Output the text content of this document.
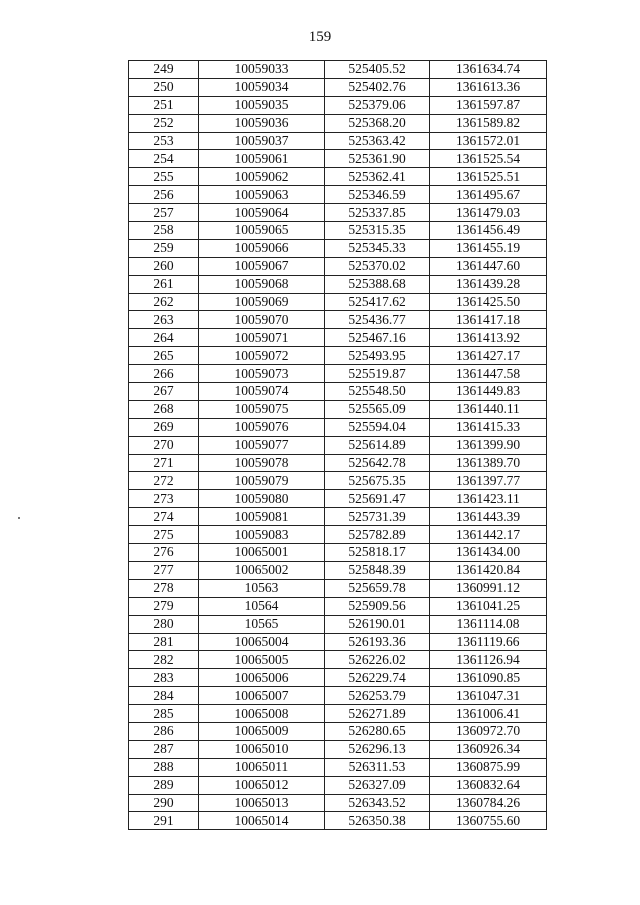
159
249	10059033	525405.52	1361634.74
250	10059034	525402.76	1361613.36
251	10059035	525379.06	1361597.87
252	10059036	525368.20	1361589.82
253	10059037	525363.42	1361572.01
254	10059061	525361.90	1361525.54
255	10059062	525362.41	1361525.51
256	10059063	525346.59	1361495.67
257	10059064	525337.85	1361479.03
258	10059065	525315.35	1361456.49
259	10059066	525345.33	1361455.19
260	10059067	525370.02	1361447.60
261	10059068	525388.68	1361439.28
262	10059069	525417.62	1361425.50
263	10059070	525436.77	1361417.18
264	10059071	525467.16	1361413.92
265	10059072	525493.95	1361427.17
266	10059073	525519.87	1361447.58
267	10059074	525548.50	1361449.83
268	10059075	525565.09	1361440.11
269	10059076	525594.04	1361415.33
270	10059077	525614.89	1361399.90
271	10059078	525642.78	1361389.70
272	10059079	525675.35	1361397.77
273	10059080	525691.47	1361423.11
274	10059081	525731.39	1361443.39
275	10059083	525782.89	1361442.17
276	10065001	525818.17	1361434.00
277	10065002	525848.39	1361420.84
278	10563	525659.78	1360991.12
279	10564	525909.56	1361041.25
280	10565	526190.01	1361114.08
281	10065004	526193.36	1361119.66
282	10065005	526226.02	1361126.94
283	10065006	526229.74	1361090.85
284	10065007	526253.79	1361047.31
285	10065008	526271.89	1361006.41
286	10065009	526280.65	1360972.70
287	10065010	526296.13	1360926.34
288	10065011	526311.53	1360875.99
289	10065012	526327.09	1360832.64
290	10065013	526343.52	1360784.26
291	10065014	526350.38	1360755.60
